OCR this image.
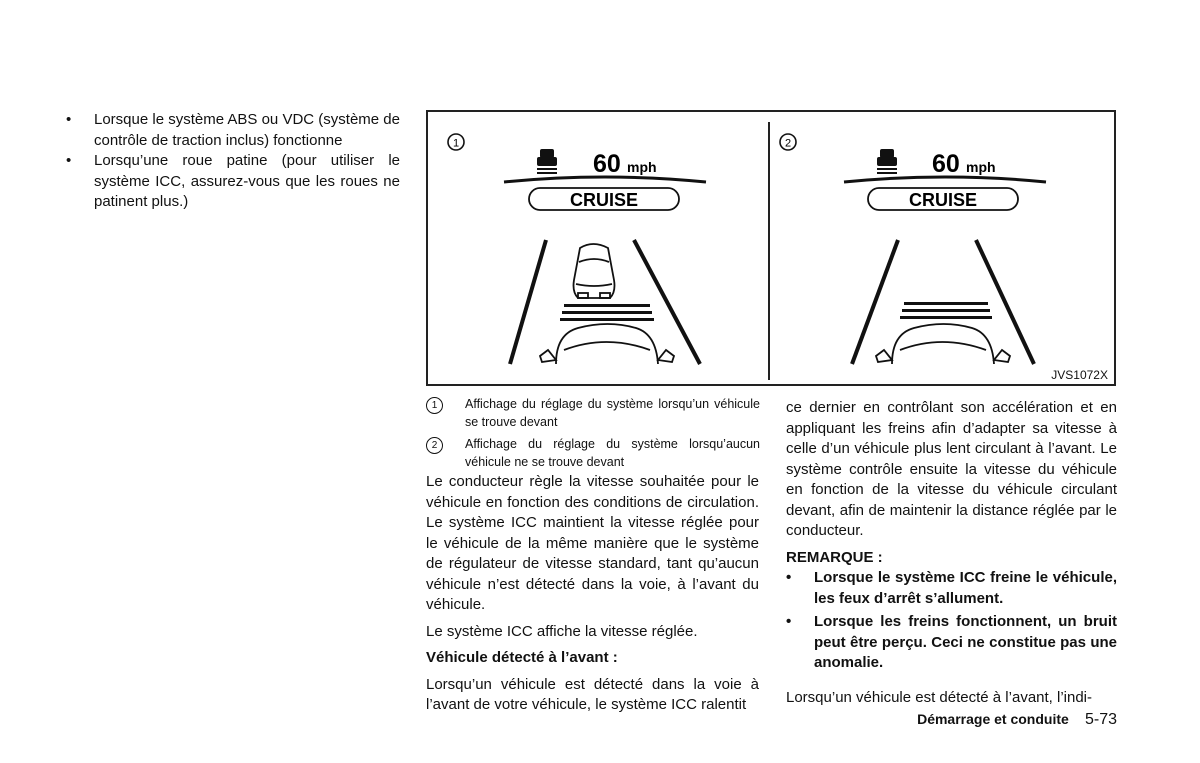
•	Lorsque le système ABS ou VDC (système de contrôle de traction inclus) fonctionne
•	Lorsqu’une roue patine (pour utiliser le système ICC, assurez-vous que les roues ne patinent plus.)
1
60 mph
CRUISE
2
60 mph
CRUISE
JVS1072X
1	Affichage du réglage du système lorsqu’un véhicule se trouve devant
2	Affichage du réglage du système lorsqu’aucun véhicule ne se trouve devant

Le conducteur règle la vitesse souhaitée pour le véhicule en fonction des conditions de circulation. Le système ICC maintient la vitesse réglée pour le véhicule de la même manière que le système de régulateur de vitesse standard, tant qu’aucun véhicule n’est détecté dans la voie, à l’avant du véhicule.

Le système ICC affiche la vitesse réglée.

Véhicule détecté à l’avant :

Lorsqu’un véhicule est détecté dans la voie à l’avant de votre véhicule, le système ICC ralentit

ce dernier en contrôlant son accélération et en appliquant les freins afin d’adapter sa vitesse à celle d’un véhicule plus lent circulant à l’avant. Le système contrôle ensuite la vitesse du véhicule en fonction de la vitesse du véhicule circulant devant, afin de maintenir la distance réglée par le conducteur.

REMARQUE :
•	Lorsque le système ICC freine le véhicule, les feux d’arrêt s’allument.
•	Lorsque les freins fonctionnent, un bruit peut être perçu. Ceci ne constitue pas une anomalie.

Lorsqu’un véhicule est détecté à l’avant, l’indi-

Démarrage et conduite 5-73
